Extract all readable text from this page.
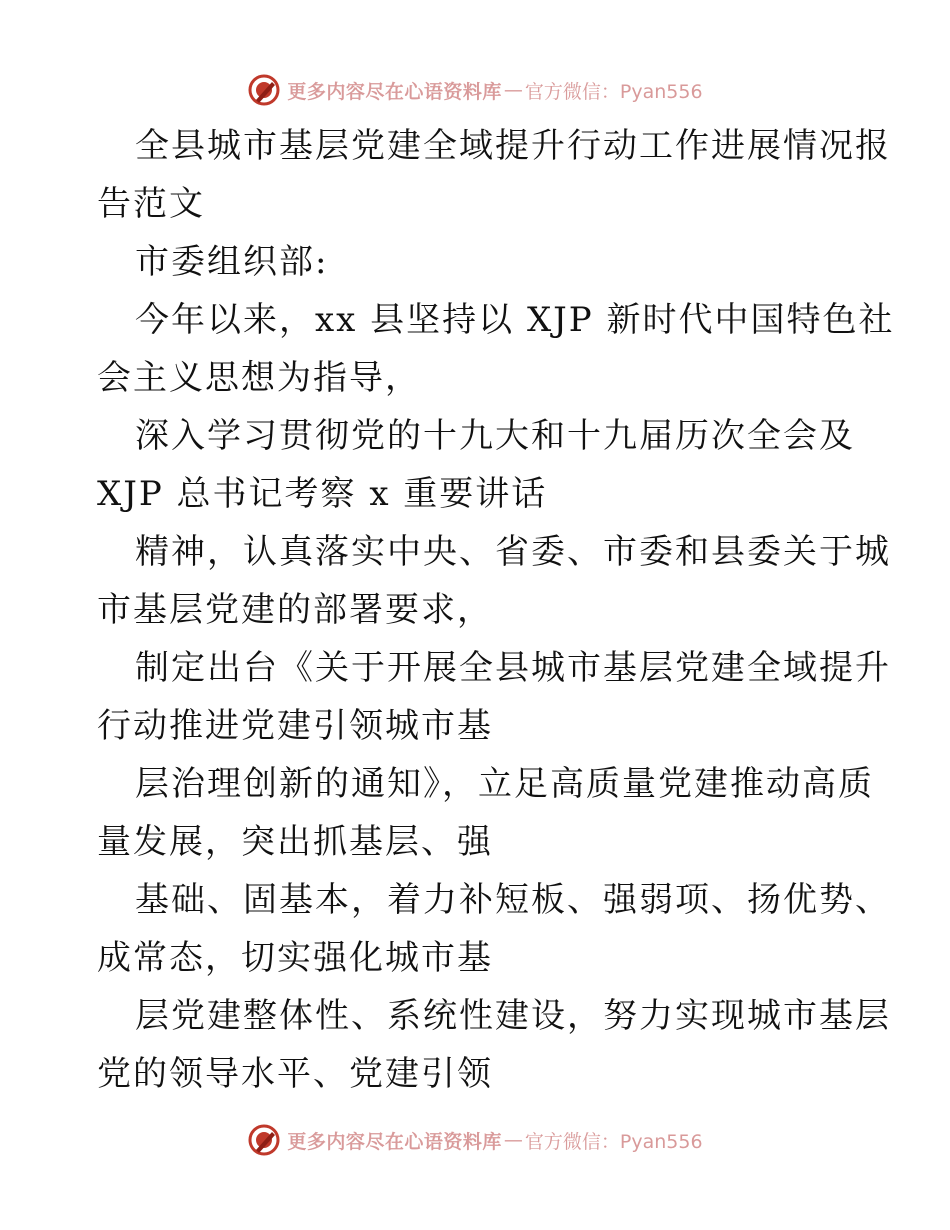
更多内容尽在心语资料库 — 官方微信：Pyan556
全县城市基层党建全域提升行动工作进展情况报
告范文
市委组织部:
今年以来，xx 县坚持以 XJP 新时代中国特色社
会主义思想为指导，
深入学习贯彻党的十九大和十九届历次全会及
XJP 总书记考察 x 重要讲话
精神，认真落实中央、省委、市委和县委关于城
市基层党建的部署要求，
制定出台《关于开展全县城市基层党建全域提升
行动推进党建引领城市基
层治理创新的通知》，立足高质量党建推动高质
量发展，突出抓基层、强
基础、固基本，着力补短板、强弱项、扬优势、
成常态，切实强化城市基
层党建整体性、系统性建设，努力实现城市基层
党的领导水平、党建引领
更多内容尽在心语资料库 — 官方微信：Pyan556
